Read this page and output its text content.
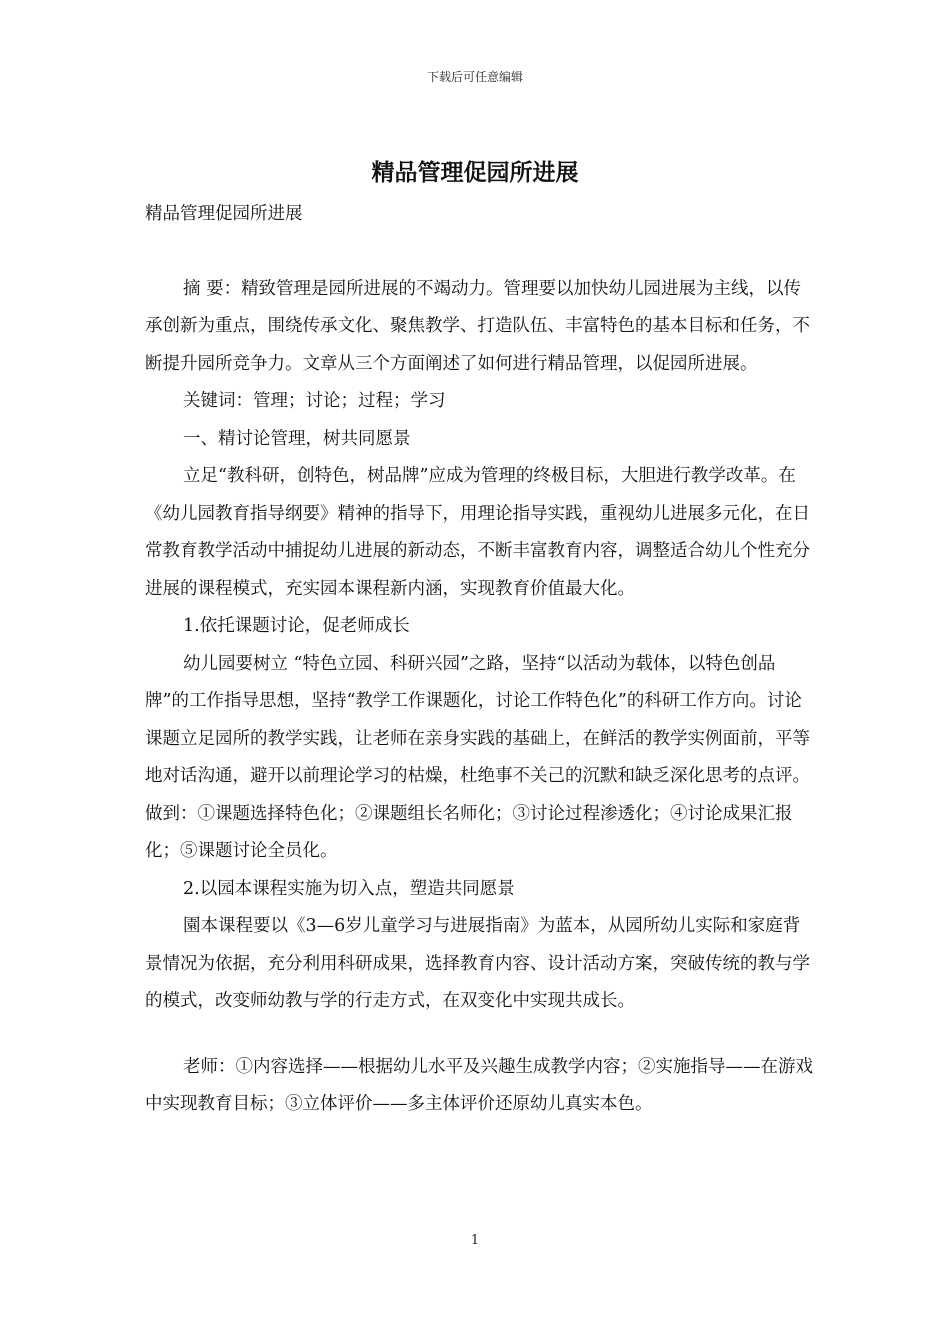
下载后可任意编辑
精品管理促园所进展

精品管理促园所进展

摘 要：精致管理是园所进展的不竭动力。管理要以加快幼儿园进展为主线，以传承创新为重点，围绕传承文化、聚焦教学、打造队伍、丰富特色的基本目标和任务，不断提升园所竞争力。文章从三个方面阐述了如何进行精品管理，以促园所进展。

关键词：管理；讨论；过程；学习

一、精讨论管理，树共同愿景

立足“教科研，创特色，树品牌”应成为管理的终极目标，大胆进行教学改革。在《幼儿园教育指导纲要》精神的指导下，用理论指导实践，重视幼儿进展多元化，在日常教育教学活动中捕捉幼儿进展的新动态，不断丰富教育内容，调整适合幼儿个性充分进展的课程模式，充实园本课程新内涵，实现教育价值最大化。

1.依托课题讨论，促老师成长

幼儿园要树立 “特色立园、科研兴园”之路，坚持“以活动为载体，以特色创品牌”的工作指导思想，坚持“教学工作课题化，讨论工作特色化”的科研工作方向。讨论课题立足园所的教学实践，让老师在亲身实践的基础上，在鲜活的教学实例面前，平等地对话沟通，避开以前理论学习的枯燥，杜绝事不关己的沉默和缺乏深化思考的点评。做到：①课题选择特色化；②课题组长名师化；③讨论过程渗透化；④讨论成果汇报化；⑤课题讨论全员化。

2.以园本课程实施为切入点，塑造共同愿景

園本课程要以《3—6岁儿童学习与进展指南》为蓝本，从园所幼儿实际和家庭背景情况为依据，充分利用科研成果，选择教育内容、设计活动方案，突破传统的教与学的模式，改变师幼教与学的行走方式，在双变化中实现共成长。

老师：①内容选择——根据幼儿水平及兴趣生成教学内容；②实施指导——在游戏中实现教育目标；③立体评价——多主体评价还原幼儿真实本色。

1
